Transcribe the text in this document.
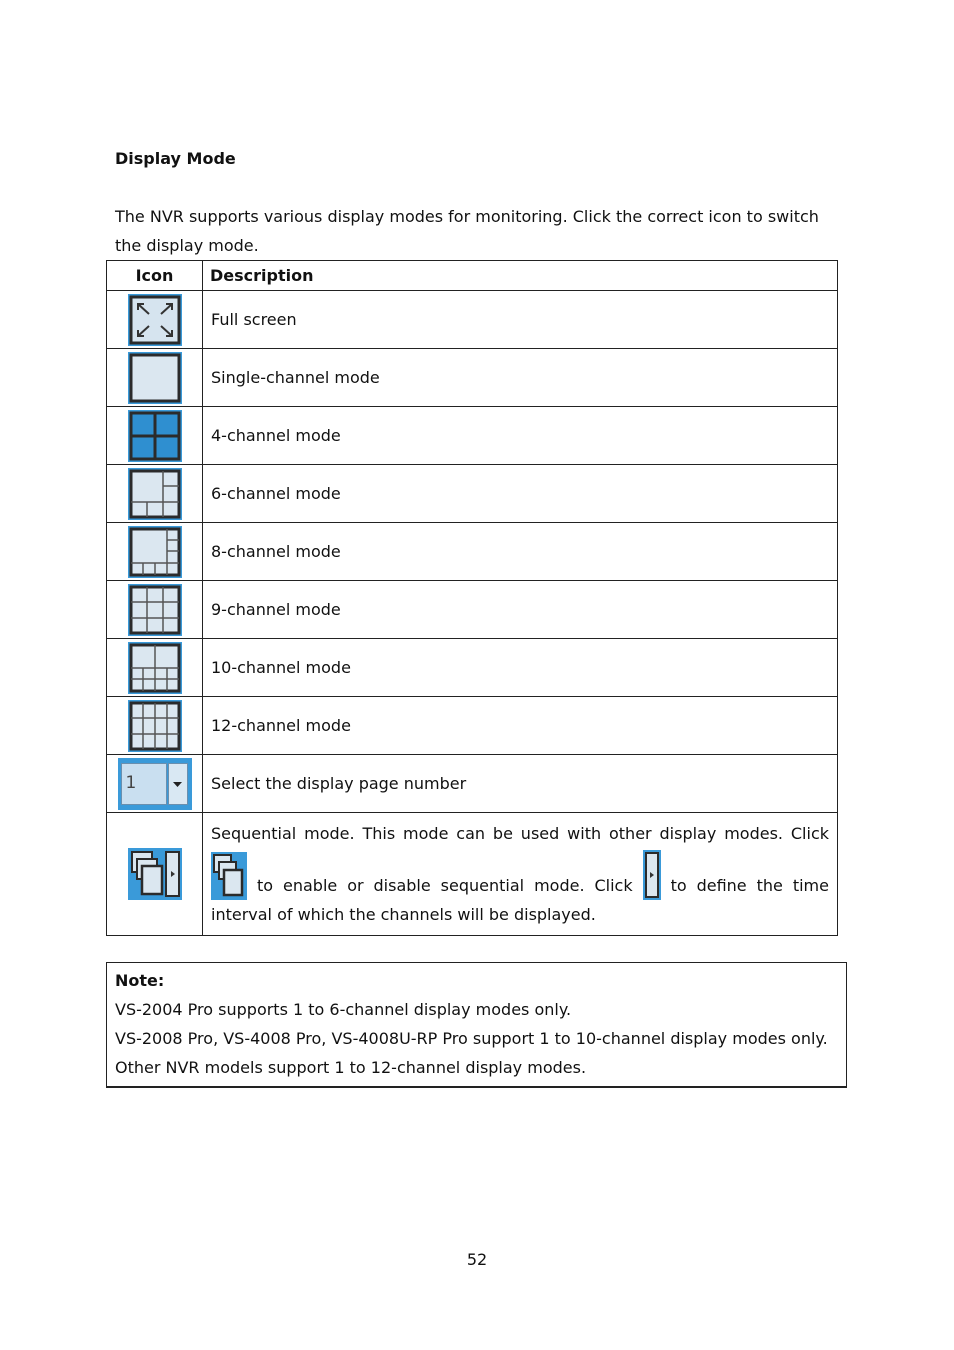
Display Mode
The NVR supports various display modes for monitoring. Click the correct icon to switch the display mode.
Icon	Description

	Full screen

	Single-channel mode

	4-channel mode

	6-channel mode

	8-channel mode

	9-channel mode

	10-channel mode

	12-channel mode

1	Select the display page number

	Sequential mode. This mode can be used with other display modes. Click
to enable or disable sequential mode. Click to define the time interval of which the channels will be displayed.
Note:
VS-2004 Pro supports 1 to 6-channel display modes only.
VS-2008 Pro, VS-4008 Pro, VS-4008U-RP Pro support 1 to 10-channel display modes only.
Other NVR models support 1 to 12-channel display modes.
52
